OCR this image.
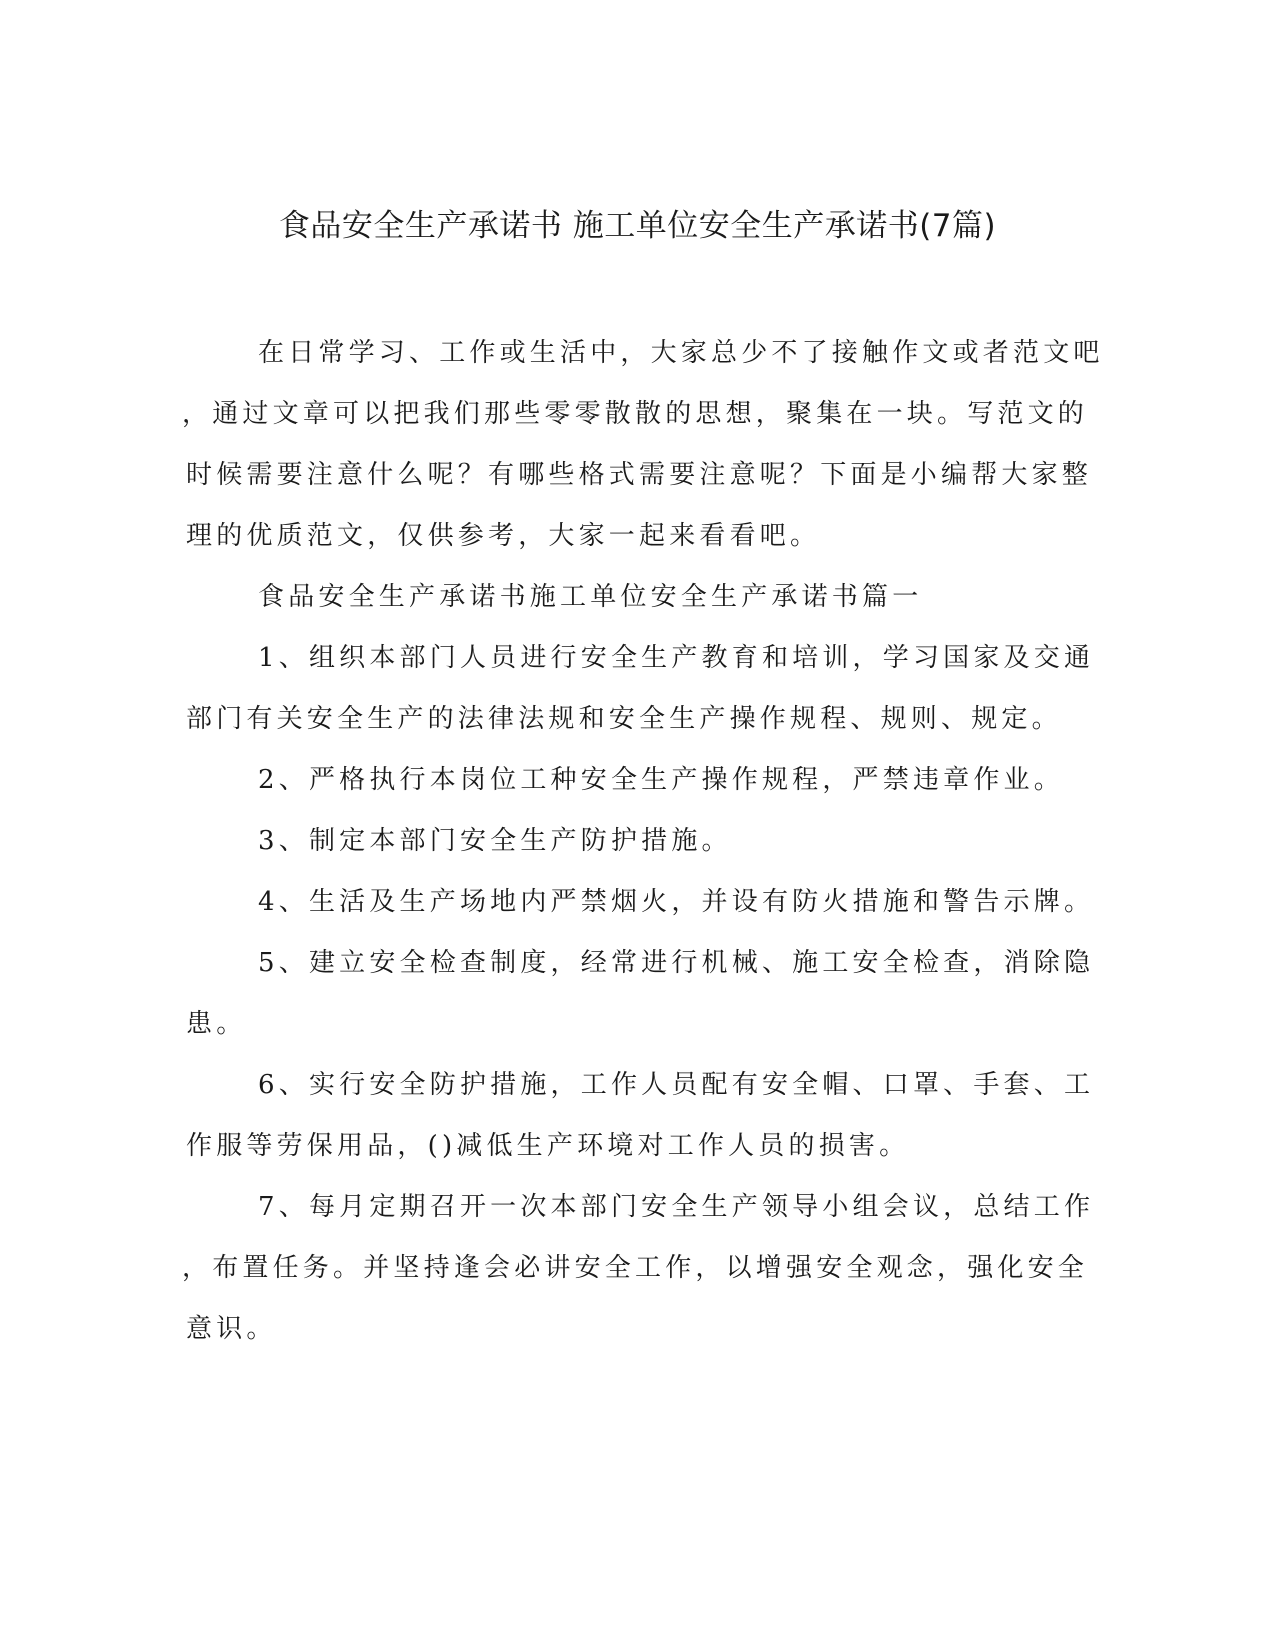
食品安全生产承诺书 施工单位安全生产承诺书(7篇)
在日常学习、工作或生活中，大家总少不了接触作文或者范文吧
，通过文章可以把我们那些零零散散的思想，聚集在一块。写范文的
时候需要注意什么呢？有哪些格式需要注意呢？下面是小编帮大家整
理的优质范文，仅供参考，大家一起来看看吧。
食品安全生产承诺书施工单位安全生产承诺书篇一
1、组织本部门人员进行安全生产教育和培训，学习国家及交通
部门有关安全生产的法律法规和安全生产操作规程、规则、规定。
2、严格执行本岗位工种安全生产操作规程，严禁违章作业。
3、制定本部门安全生产防护措施。
4、生活及生产场地内严禁烟火，并设有防火措施和警告示牌。
5、建立安全检查制度，经常进行机械、施工安全检查，消除隐
患。
6、实行安全防护措施，工作人员配有安全帽、口罩、手套、工
作服等劳保用品，()减低生产环境对工作人员的损害。
7、每月定期召开一次本部门安全生产领导小组会议，总结工作
，布置任务。并坚持逢会必讲安全工作，以增强安全观念，强化安全
意识。
